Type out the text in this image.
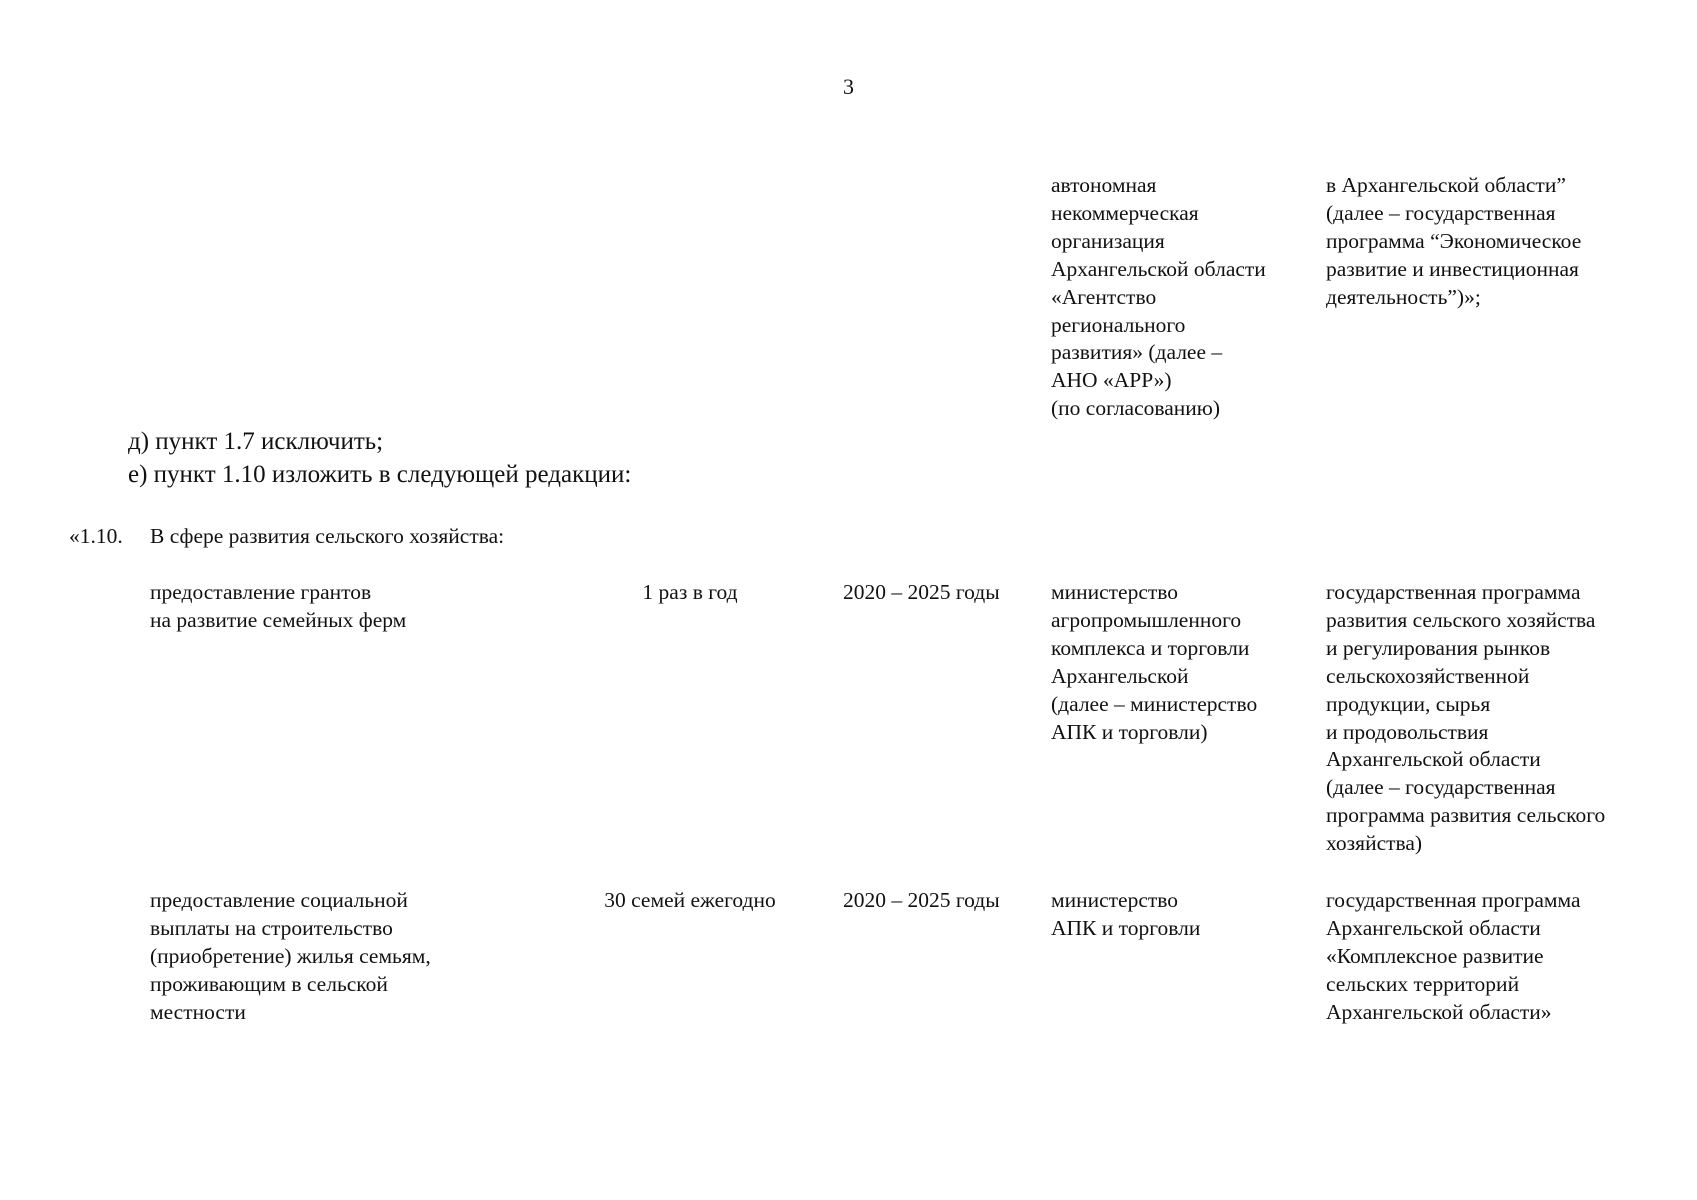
3
автономная
некоммерческая
организация
Архангельской области
«Агентство
регионального
развития» (далее –
АНО «АРР»)
(по согласованию)
в Архангельской области”
(далее – государственная
программа “Экономическое
развитие и инвестиционная
деятельность”)»;
д) пункт 1.7 исключить;
е) пункт 1.10 изложить в следующей редакции:
«1.10. В сфере развития сельского хозяйства:
предоставление грантов
на развитие семейных ферм
1 раз в год	2020 – 2025 годы министерство
агропромышленного
комплекса и торговли
Архангельской
(далее – министерство
АПК и торговли)
государственная программа
развития сельского хозяйства
и регулирования рынков
сельскохозяйственной
продукции, сырья
и продовольствия
Архангельской области
(далее – государственная
программа развития сельского
хозяйства)
предоставление социальной
выплаты на строительство
(приобретение) жилья семьям,
проживающим в сельской
местности
30 семей ежегодно	2020 – 2025 годы министерство
АПК и торговли
государственная программа
Архангельской области
«Комплексное развитие
сельских территорий
Архангельской области»
